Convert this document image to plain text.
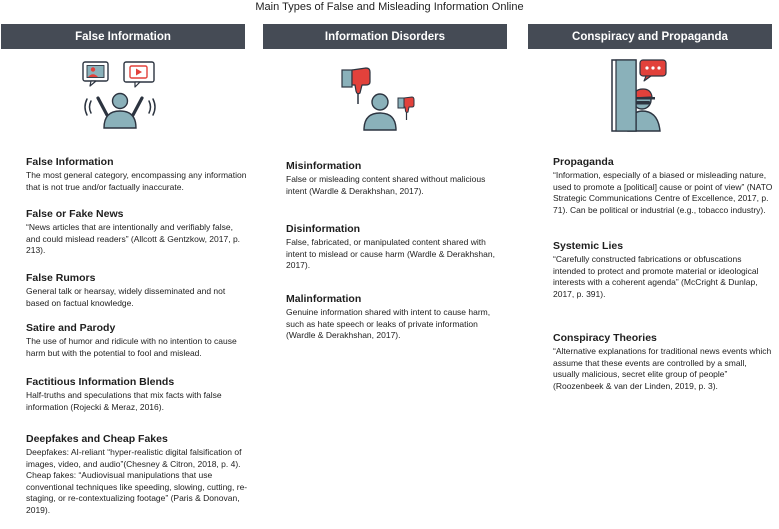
Main Types of False and Misleading Information Online
False Information	Information Disorders	Conspiracy and Propaganda
False Information

The most general category, encompassing any information that is not true and/or factually inaccurate.

False or Fake News

“News articles that are intentionally and verifiably false, and could mislead readers” (Allcott & Gentzkow, 2017, p. 213).

False Rumors

General talk or hearsay, widely disseminated and not based on factual knowledge.

Satire and Parody

The use of humor and ridicule with no intention to cause harm but with the potential to fool and mislead.

Factitious Information Blends

Half-truths and speculations that mix facts with false information (Rojecki & Meraz, 2016).

Deepfakes and Cheap Fakes

Deepfakes: AI-reliant “hyper-realistic digital falsification of images, video, and audio”(Chesney & Citron, 2018, p. 4). Cheap fakes: “Audiovisual manipulations that use conventional techniques like speeding, slowing, cutting, re-staging, or re-contextualizing footage” (Paris & Donovan, 2019).

Misinformation

False or misleading content shared without malicious intent (Wardle & Derakhshan, 2017).

Disinformation

False, fabricated, or manipulated content shared with intent to mislead or cause harm (Wardle & Derakhshan, 2017).

Malinformation

Genuine information shared with intent to cause harm, such as hate speech or leaks of private information (Wardle & Derakhshan, 2017).

Propaganda

“Information, especially of a biased or misleading nature, used to promote a [political] cause or point of view” (NATO Strategic Communications Centre of Excellence, 2017, p. 71). Can be political or industrial (e.g., tobacco industry).

Systemic Lies

“Carefully constructed fabrications or obfuscations intended to protect and promote material or ideological interests with a coherent agenda” (McCright & Dunlap, 2017, p. 391).

Conspiracy Theories

“Alternative explanations for traditional news events which assume that these events are controlled by a small, usually malicious, secret elite group of people” (Roozenbeek & van der Linden, 2019, p. 3).
